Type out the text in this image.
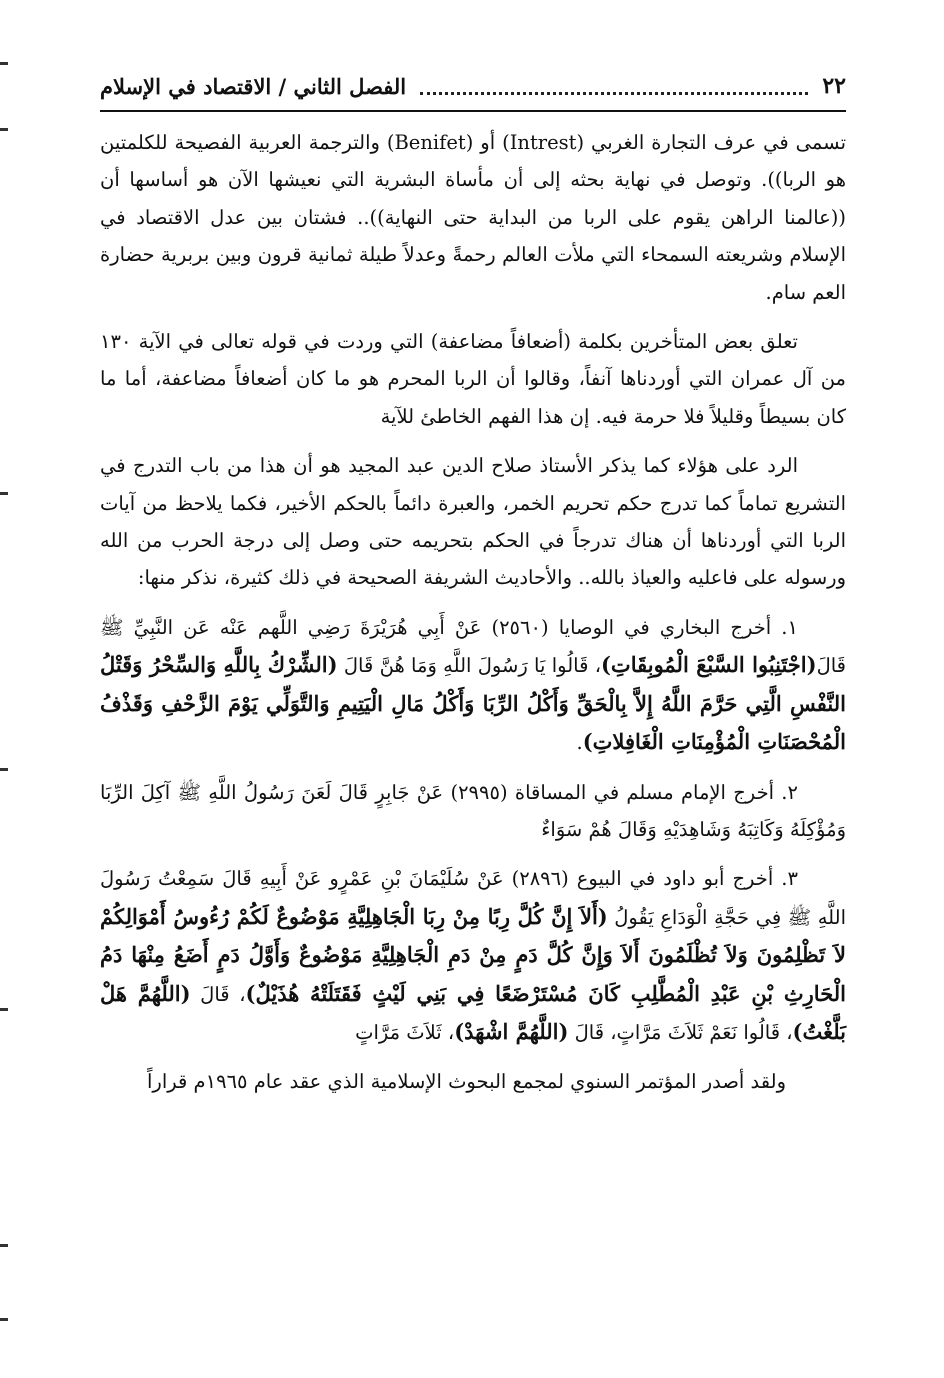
٢٢
الفصل الثاني / الاقتصاد في الإسلام

تسمى في عرف التجارة الغربي (Intrest) أو (Benifet) والترجمة العربية الفصيحة للكلمتين هو الربا)). وتوصل في نهاية بحثه إلى أن مأساة البشرية التي نعيشها الآن هو أساسها أن ((عالمنا الراهن يقوم على الربا من البداية حتى النهاية)).. فشتان بين عدل الاقتصاد في الإسلام وشريعته السمحاء التي ملأت العالم رحمةً وعدلاً طيلة ثمانية قرون وبين بربرية حضارة العم سام.

تعلق بعض المتأخرين بكلمة (أضعافاً مضاعفة) التي وردت في قوله تعالى في الآية ١٣٠ من آل عمران التي أوردناها آنفاً، وقالوا أن الربا المحرم هو ما كان أضعافاً مضاعفة، أما ما كان بسيطاً وقليلاً فلا حرمة فيه. إن هذا الفهم الخاطئ للآية

الرد على هؤلاء كما يذكر الأستاذ صلاح الدين عبد المجيد هو أن هذا من باب التدرج في التشريع تماماً كما تدرج حكم تحريم الخمر، والعبرة دائماً بالحكم الأخير، فكما يلاحظ من آيات الربا التي أوردناها أن هناك تدرجاً في الحكم بتحريمه حتى وصل إلى درجة الحرب من الله ورسوله على فاعليه والعياذ بالله.. والأحاديث الشريفة الصحيحة في ذلك كثيرة، نذكر منها:

١. أخرج البخاري في الوصايا (٢٥٦٠) عَنْ أَبِي هُرَيْرَةَ رَضِي اللَّهم عَنْه عَن النَّبِيِّ ﷺ قَالَ(اجْتَنِبُوا السَّبْعَ الْمُوبِقَاتِ)، قَالُوا يَا رَسُولَ اللَّهِ وَمَا هُنَّ قَالَ (الشِّرْكُ بِاللَّهِ وَالسِّحْرُ وَقَتْلُ النَّفْسِ الَّتِي حَرَّمَ اللَّهُ إِلاَّ بِالْحَقِّ وَأَكْلُ الرِّبَا وَأَكْلُ مَالِ الْيَتِيمِ وَالتَّوَلِّي يَوْمَ الزَّحْفِ وَقَذْفُ الْمُحْصَنَاتِ الْمُؤْمِنَاتِ الْغَافِلاتِ).

٢. أخرج الإمام مسلم في المساقاة (٢٩٩٥) عَنْ جَابِرٍ قَالَ لَعَنَ رَسُولُ اللَّهِ ﷺ آكِلَ الرِّبَا وَمُؤْكِلَهُ وَكَاتِبَهُ وَشَاهِدَيْهِ وَقَالَ هُمْ سَوَاءٌ

٣. أخرج أبو داود في البيوع (٢٨٩٦) عَنْ سُلَيْمَانَ بْنِ عَمْرٍو عَنْ أَبِيهِ قَالَ سَمِعْتُ رَسُولَ اللَّهِ ﷺ فِي حَجَّةِ الْوَدَاعِ يَقُولُ (أَلاَ إِنَّ كُلَّ رِبًا مِنْ رِبَا الْجَاهِلِيَّةِ مَوْضُوعٌ لَكُمْ رُءُوسُ أَمْوَالِكُمْ لاَ تَظْلِمُونَ وَلاَ تُظْلَمُونَ أَلاَ وَإِنَّ كُلَّ دَمٍ مِنْ دَمِ الْجَاهِلِيَّةِ مَوْضُوعٌ وَأَوَّلُ دَمٍ أَضَعُ مِنْهَا دَمُ الْحَارِثِ بْنِ عَبْدِ الْمُطَّلِبِ كَانَ مُسْتَرْضَعًا فِي بَنِي لَيْثٍ فَقَتَلَتْهُ هُذَيْلٌ)، قَالَ (اللَّهُمَّ هَلْ بَلَّغْتُ)، قَالُوا نَعَمْ ثَلاَثَ مَرَّاتٍ، قَالَ (اللَّهُمَّ اشْهَدْ)، ثَلاَثَ مَرَّاتٍ

ولقد أصدر المؤتمر السنوي لمجمع البحوث الإسلامية الذي عقد عام ١٩٦٥م قراراً
